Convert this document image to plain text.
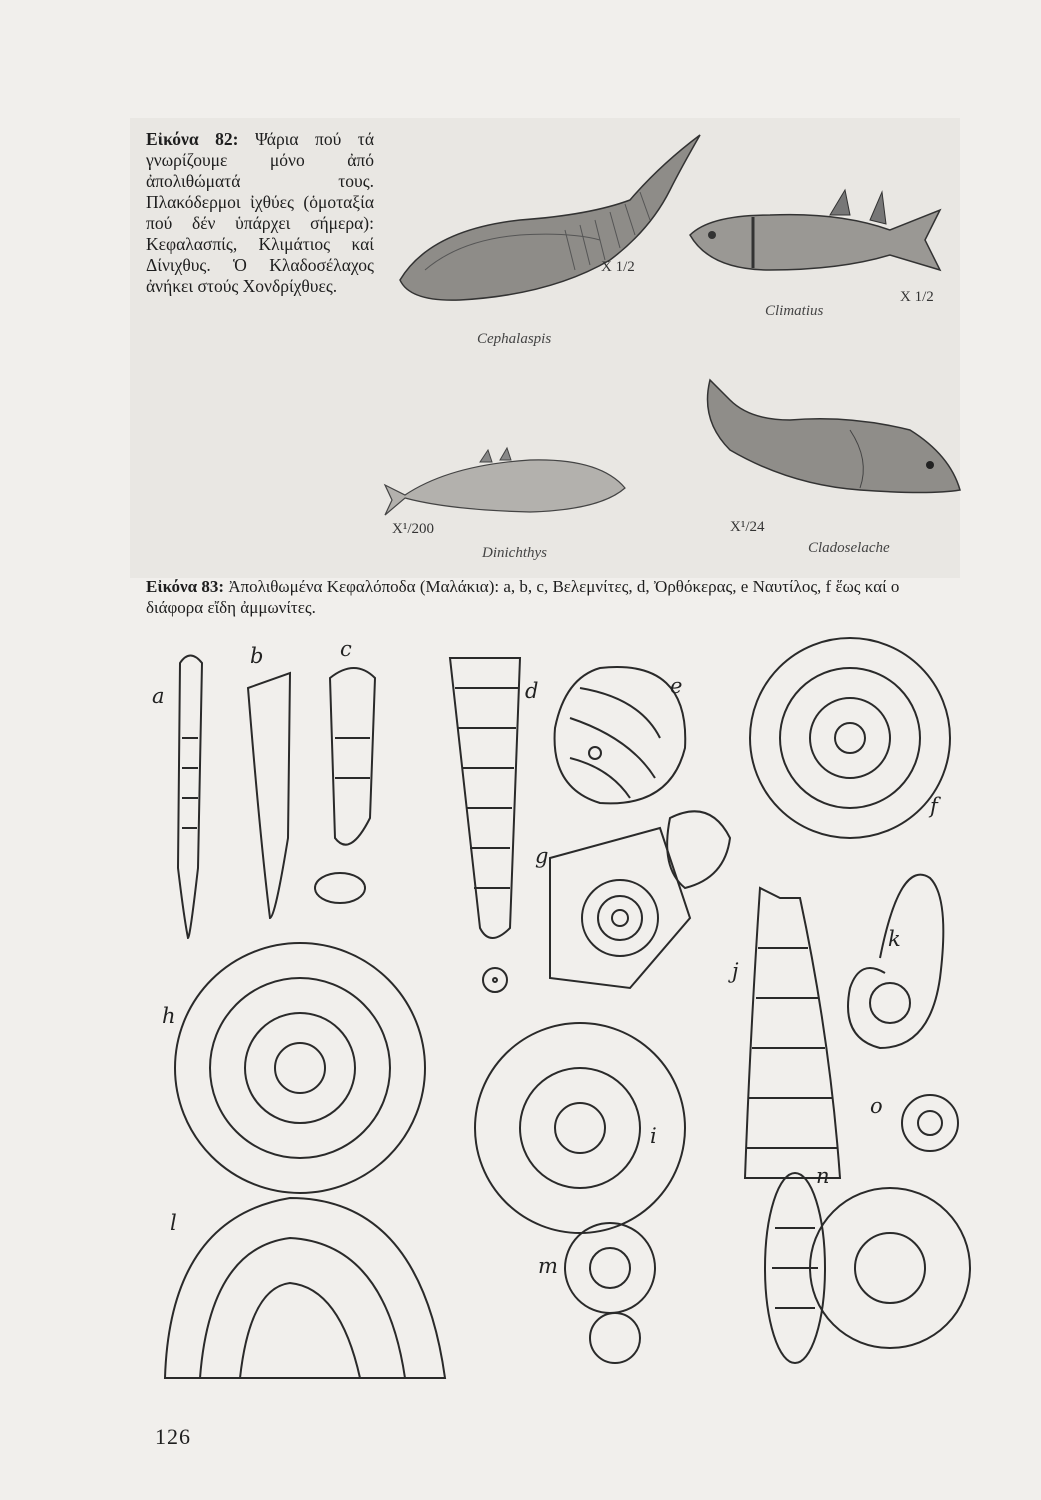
Εἰκόνα 82: Ψάρια πού τά γνωρίζουμε μόνο ἀπό ἀπολιθώματά τους. Πλακόδερμοι ἰχθύες (ὁμοταξία πού δέν ὑπάρχει σήμερα): Κεφαλασπίς, Κλιμάτιος καί Δίνιχθυς. Ὁ Κλαδοσέλαχος ἀνήκει στούς Χονδρίχθυες.
Cephalaspis
X 1/2
Climatius
X 1/2
X¹/200
Dinichthys
X¹/24
Cladoselache
Εἰκόνα 83: Ἀπολιθωμένα Κεφαλόποδα (Μαλάκια): a, b, c, Βελεμνίτες, d, Ὀρθόκερας, e Ναυτίλος, f ἕως καί ο διάφορα εἴδη ἀμμωνίτες.
a
b	c
d	e
f
g
h
i
j
k
l
m
n
o
126
